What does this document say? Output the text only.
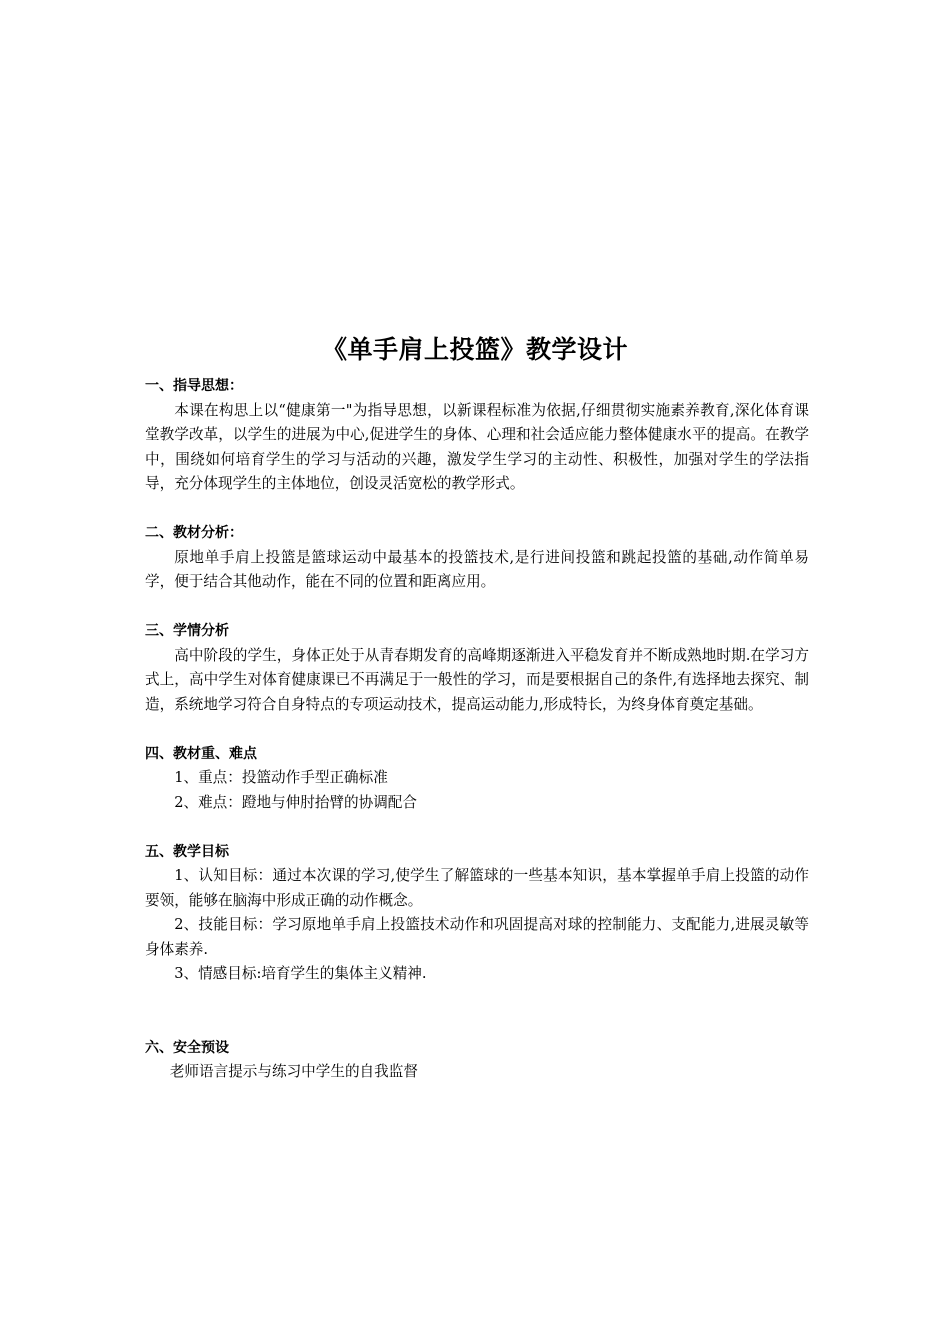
《单手肩上投篮》教学设计

一、指导思想：

本课在构思上以“健康第一"为指导思想，以新课程标准为依据,仔细贯彻实施素养教育,深化体育课堂教学改革，以学生的进展为中心,促进学生的身体、心理和社会适应能力整体健康水平的提高。在教学中，围绕如何培育学生的学习与活动的兴趣，激发学生学习的主动性、积极性，加强对学生的学法指导，充分体现学生的主体地位，创设灵活宽松的教学形式。

二、教材分析：

原地单手肩上投篮是篮球运动中最基本的投篮技术,是行进间投篮和跳起投篮的基础,动作简单易学，便于结合其他动作，能在不同的位置和距离应用。

三、学情分析

高中阶段的学生，身体正处于从青春期发育的高峰期逐渐进入平稳发育并不断成熟地时期.在学习方式上，高中学生对体育健康课已不再满足于一般性的学习，而是要根据自己的条件,有选择地去探究、制造，系统地学习符合自身特点的专项运动技术，提高运动能力,形成特长，为终身体育奠定基础。

四、教材重、难点

1、重点：投篮动作手型正确标准

2、难点：蹬地与伸肘抬臂的协调配合

五、教学目标

1、认知目标：通过本次课的学习,使学生了解篮球的一些基本知识，基本掌握单手肩上投篮的动作要领，能够在脑海中形成正确的动作概念。

2、技能目标：学习原地单手肩上投篮技术动作和巩固提高对球的控制能力、支配能力,进展灵敏等身体素养.

3、情感目标:培育学生的集体主义精神.

六、安全预设

老师语言提示与练习中学生的自我监督
